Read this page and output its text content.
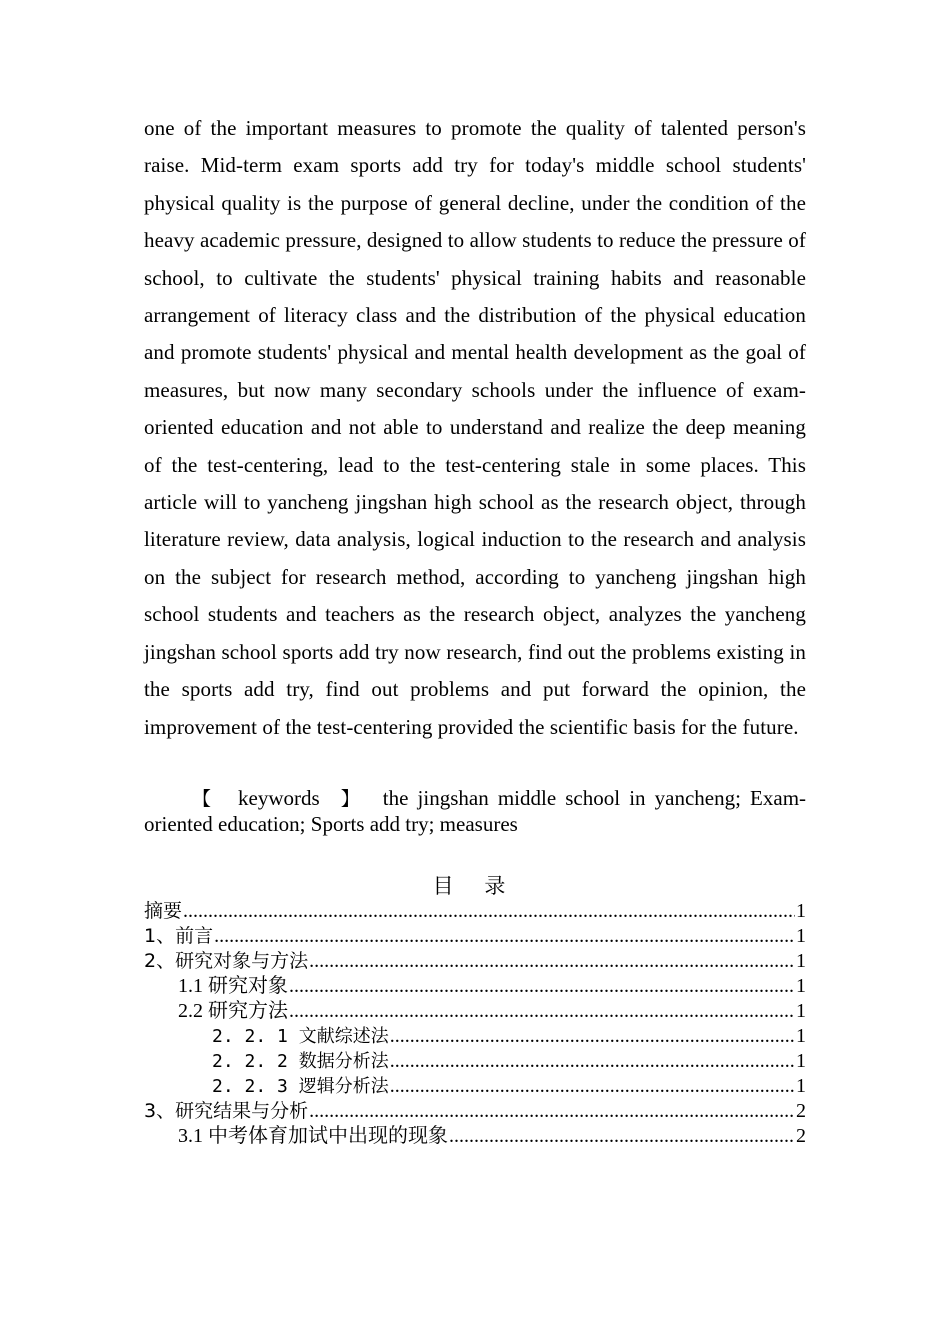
one of the important measures to promote the quality of talented person's raise. Mid-term exam sports add try for today's middle school students' physical quality is the purpose of general decline, under the condition of the heavy academic pressure, designed to allow students to reduce the pressure of school, to cultivate the students' physical training habits and reasonable arrangement of literacy class and the distribution of the physical education and promote students' physical and mental health development as the goal of measures, but now many secondary schools under the influence of exam-oriented education and not able to understand and realize the deep meaning of the test-centering, lead to the test-centering stale in some places. This article will to yancheng jingshan high school as the research object, through literature review, data analysis, logical induction to the research and analysis on the subject for research method, according to yancheng jingshan high school students and teachers as the research object, analyzes the yancheng jingshan school sports add try now research, find out the problems existing in the sports add try, find out problems and put forward the opinion, the improvement of the test-centering provided the scientific basis for the future.

【 keywords 】 the jingshan middle school in yancheng; Exam-oriented education; Sports add try; measures
目 录
摘要 .....	1
1、前言 .....	1
2、研究对象与方法 .....	1
1.1 研究对象 .....	1
2.2 研究方法 .....	1
2. 2. 1 文献综述法 .....	1
2. 2. 2 数据分析法 .....	1
2. 2. 3 逻辑分析法 .....	1
3、研究结果与分析 .....	2
3.1 中考体育加试中出现的现象 .....	2
